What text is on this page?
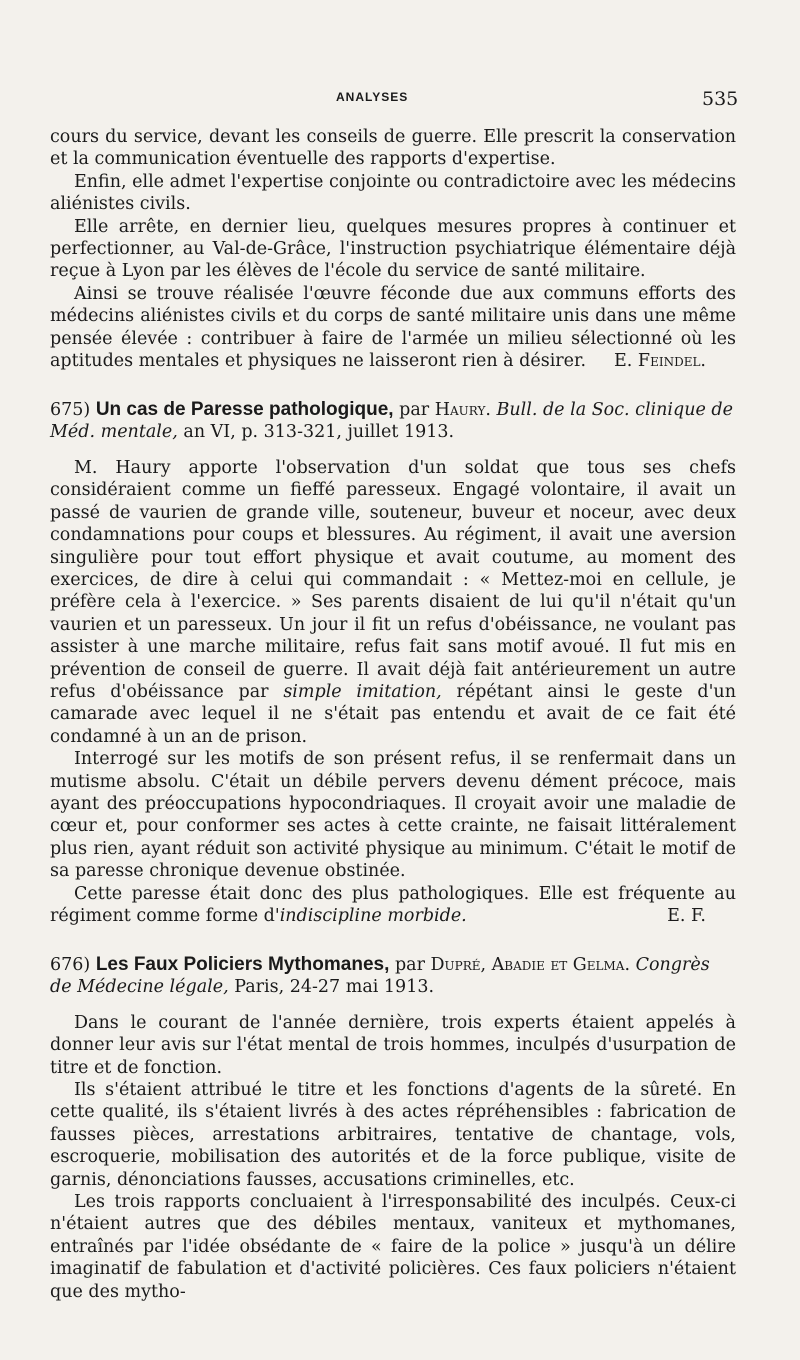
ANALYSES	535

cours du service, devant les conseils de guerre. Elle prescrit la conservation et la communication éventuelle des rapports d'expertise.

Enfin, elle admet l'expertise conjointe ou contradictoire avec les médecins aliénistes civils.

Elle arrête, en dernier lieu, quelques mesures propres à continuer et perfectionner, au Val-de-Grâce, l'instruction psychiatrique élémentaire déjà reçue à Lyon par les élèves de l'école du service de santé militaire.

Ainsi se trouve réalisée l'œuvre féconde due aux communs efforts des médecins aliénistes civils et du corps de santé militaire unis dans une même pensée élevée : contribuer à faire de l'armée un milieu sélectionné où les aptitudes mentales et physiques ne laisseront rien à désirer.	E. Feindel.

675) Un cas de Paresse pathologique, par Haury. Bull. de la Soc. clinique de Méd. mentale, an VI, p. 313-321, juillet 1913.

M. Haury apporte l'observation d'un soldat que tous ses chefs considéraient comme un fieffé paresseux. Engagé volontaire, il avait un passé de vaurien de grande ville, souteneur, buveur et noceur, avec deux condamnations pour coups et blessures. Au régiment, il avait une aversion singulière pour tout effort physique et avait coutume, au moment des exercices, de dire à celui qui commandait : « Mettez-moi en cellule, je préfère cela à l'exercice. » Ses parents disaient de lui qu'il n'était qu'un vaurien et un paresseux. Un jour il fit un refus d'obéissance, ne voulant pas assister à une marche militaire, refus fait sans motif avoué. Il fut mis en prévention de conseil de guerre. Il avait déjà fait antérieurement un autre refus d'obéissance par simple imitation, répétant ainsi le geste d'un camarade avec lequel il ne s'était pas entendu et avait de ce fait été condamné à un an de prison.

Interrogé sur les motifs de son présent refus, il se renfermait dans un mutisme absolu. C'était un débile pervers devenu dément précoce, mais ayant des préoccupations hypocondriaques. Il croyait avoir une maladie de cœur et, pour conformer ses actes à cette crainte, ne faisait littéralement plus rien, ayant réduit son activité physique au minimum. C'était le motif de sa paresse chronique devenue obstinée.

Cette paresse était donc des plus pathologiques. Elle est fréquente au régiment comme forme d'indiscipline morbide.	E. F.

676) Les Faux Policiers Mythomanes, par Dupré, Abadie et Gelma. Congrès de Médecine légale, Paris, 24-27 mai 1913.

Dans le courant de l'année dernière, trois experts étaient appelés à donner leur avis sur l'état mental de trois hommes, inculpés d'usurpation de titre et de fonction.

Ils s'étaient attribué le titre et les fonctions d'agents de la sûreté. En cette qualité, ils s'étaient livrés à des actes répréhensibles : fabrication de fausses pièces, arrestations arbitraires, tentative de chantage, vols, escroquerie, mobilisation des autorités et de la force publique, visite de garnis, dénonciations fausses, accusations criminelles, etc.

Les trois rapports concluaient à l'irresponsabilité des inculpés. Ceux-ci n'étaient autres que des débiles mentaux, vaniteux et mythomanes, entraînés par l'idée obsédante de « faire de la police » jusqu'à un délire imaginatif de fabulation et d'activité policières. Ces faux policiers n'étaient que des mytho-
